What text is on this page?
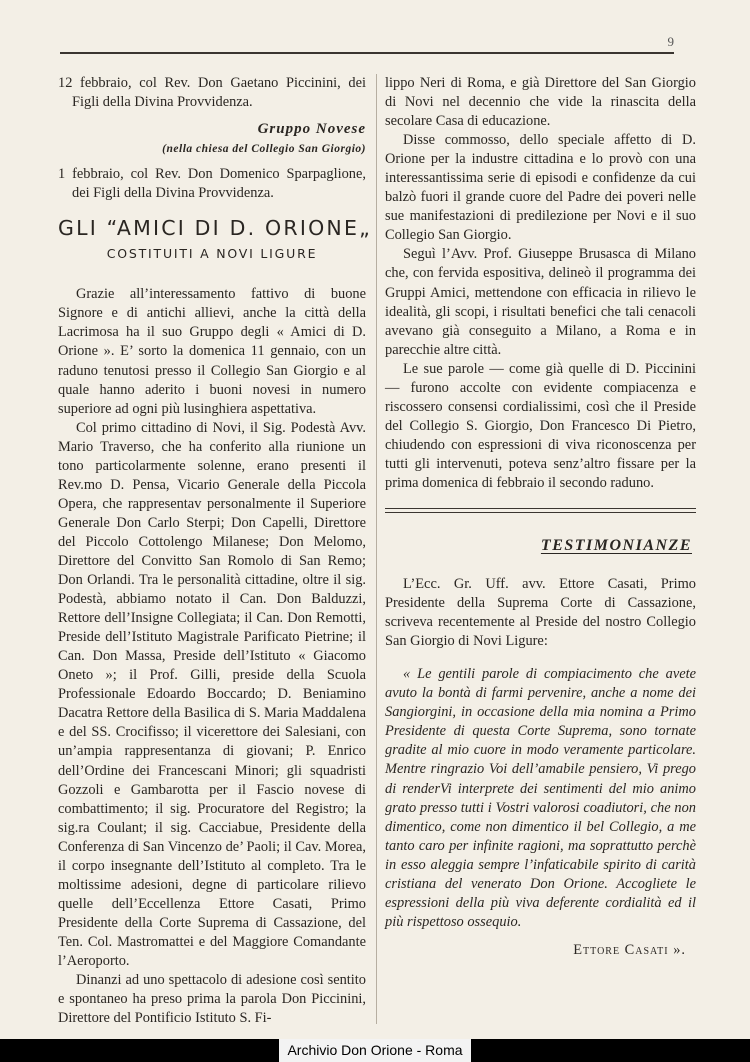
9

12 febbraio, col Rev. Don Gaetano Piccinini, dei Figli della Divina Provvidenza.

Gruppo Novese

(nella chiesa del Collegio San Giorgio)

1 febbraio, col Rev. Don Domenico Sparpaglione, dei Figli della Divina Provvidenza.

GLI “AMICI DI D. ORIONE„
COSTITUITI A NOVI LIGURE

Grazie all’interessamento fattivo di buone Signore e di antichi allievi, anche la città della Lacrimosa ha il suo Gruppo degli « Amici di D. Orione ». E’ sorto la domenica 11 gennaio, con un raduno tenutosi presso il Collegio San Giorgio e al quale hanno aderito i buoni novesi in numero superiore ad ogni più lusinghiera aspettativa.

Col primo cittadino di Novi, il Sig. Podestà Avv. Mario Traverso, che ha conferito alla riunione un tono particolarmente solenne, erano presenti il Rev.mo D. Pensa, Vicario Generale della Piccola Opera, che rappresentav personalmente il Superiore Generale Don Carlo Sterpi; Don Capelli, Direttore del Piccolo Cottolengo Milanese; Don Melomo, Direttore del Convitto San Romolo di San Remo; Don Orlandi. Tra le personalità cittadine, oltre il sig. Podestà, abbiamo notato il Can. Don Balduzzi, Rettore dell’Insigne Collegiata; il Can. Don Remotti, Preside dell’Istituto Magistrale Parificato Pietrine; il Can. Don Massa, Preside dell’Istituto « Giacomo Oneto »; il Prof. Gilli, preside della Scuola Professionale Edoardo Boccardo; D. Beniamino Dacatra Rettore della Basilica di S. Maria Maddalena e del SS. Crocifisso; il vicerettore dei Salesiani, con un’ampia rappresentanza di giovani; P. Enrico dell’Ordine dei Francescani Minori; gli squadristi Gozzoli e Gambarotta per il Fascio novese di combattimento; il sig. Procuratore del Registro; la sig.ra Coulant; il sig. Cacciabue, Presidente della Conferenza di San Vincenzo de’ Paoli; il Cav. Morea, il corpo insegnante dell’Istituto al completo. Tra le moltissime adesioni, degne di particolare rilievo quelle dell’Eccellenza Ettore Casati, Primo Presidente della Corte Suprema di Cassazione, del Ten. Col. Mastromattei e del Maggiore Comandante l’Aeroporto.

Dinanzi ad uno spettacolo di adesione così sentito e spontaneo ha preso prima la parola Don Piccinini, Direttore del Pontificio Istituto S. Fi-

lippo Neri di Roma, e già Direttore del San Giorgio di Novi nel decennio che vide la rinascita della secolare Casa di educazione.

Disse commosso, dello speciale affetto di D. Orione per la industre cittadina e lo provò con una interessantissima serie di episodi e confidenze da cui balzò fuori il grande cuore del Padre dei poveri nelle sue manifestazioni di predilezione per Novi e il suo Collegio San Giorgio.

Seguì l’Avv. Prof. Giuseppe Brusasca di Milano che, con fervida espositiva, delineò il programma dei Gruppi Amici, mettendone con efficacia in rilievo le idealità, gli scopi, i risultati benefici che tali cenacoli avevano già conseguito a Milano, a Roma e in parecchie altre città.

Le sue parole — come già quelle di D. Piccinini — furono accolte con evidente compiacenza e riscossero consensi cordialissimi, così che il Preside del Collegio S. Giorgio, Don Francesco Di Pietro, chiudendo con espressioni di viva riconoscenza per tutti gli intervenuti, poteva senz’altro fissare per la prima domenica di febbraio il secondo raduno.

TESTIMONIANZE

L’Ecc. Gr. Uff. avv. Ettore Casati, Primo Presidente della Suprema Corte di Cassazione, scriveva recentemente al Preside del nostro Collegio San Giorgio di Novi Ligure:

« Le gentili parole di compiacimento che avete avuto la bontà di farmi pervenire, anche a nome dei Sangiorgini, in occasione della mia nomina a Primo Presidente di questa Corte Suprema, sono tornate gradite al mio cuore in modo veramente particolare. Mentre ringrazio Voi dell’amabile pensiero, Vi prego di renderVi interprete dei sentimenti del mio animo grato presso tutti i Vostri valorosi coadiutori, che non dimentico, come non dimentico il bel Collegio, a me tanto caro per infinite ragioni, ma soprattutto perchè in esso aleggia sempre l’infaticabile spirito di carità cristiana del venerato Don Orione. Accogliete le espressioni della più viva deferente cordialità ed il più rispettoso ossequio.

Ettore Casati ».

Archivio Don Orione - Roma
